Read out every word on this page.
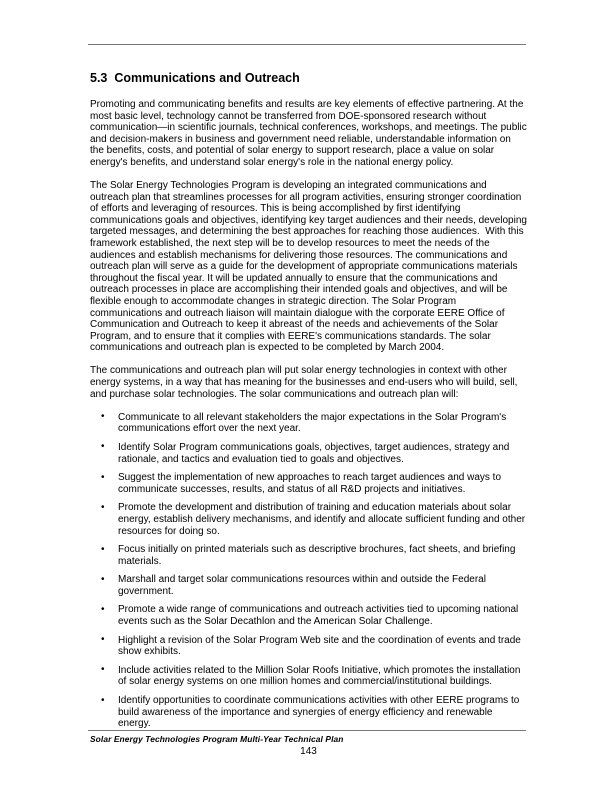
5.3  Communications and Outreach

Promoting and communicating benefits and results are key elements of effective partnering. At the most basic level, technology cannot be transferred from DOE-sponsored research without communication—in scientific journals, technical conferences, workshops, and meetings. The public and decision-makers in business and government need reliable, understandable information on the benefits, costs, and potential of solar energy to support research, place a value on solar energy's benefits, and understand solar energy's role in the national energy policy.

The Solar Energy Technologies Program is developing an integrated communications and outreach plan that streamlines processes for all program activities, ensuring stronger coordination of efforts and leveraging of resources. This is being accomplished by first identifying communications goals and objectives, identifying key target audiences and their needs, developing targeted messages, and determining the best approaches for reaching those audiences.  With this framework established, the next step will be to develop resources to meet the needs of the audiences and establish mechanisms for delivering those resources. The communications and outreach plan will serve as a guide for the development of appropriate communications materials throughout the fiscal year. It will be updated annually to ensure that the communications and outreach processes in place are accomplishing their intended goals and objectives, and will be flexible enough to accommodate changes in strategic direction. The Solar Program communications and outreach liaison will maintain dialogue with the corporate EERE Office of Communication and Outreach to keep it abreast of the needs and achievements of the Solar Program, and to ensure that it complies with EERE's communications standards. The solar communications and outreach plan is expected to be completed by March 2004.

The communications and outreach plan will put solar energy technologies in context with other energy systems, in a way that has meaning for the businesses and end-users who will build, sell, and purchase solar technologies. The solar communications and outreach plan will:

• Communicate to all relevant stakeholders the major expectations in the Solar Program's communications effort over the next year.
• Identify Solar Program communications goals, objectives, target audiences, strategy and rationale, and tactics and evaluation tied to goals and objectives.
• Suggest the implementation of new approaches to reach target audiences and ways to communicate successes, results, and status of all R&D projects and initiatives.
• Promote the development and distribution of training and education materials about solar energy, establish delivery mechanisms, and identify and allocate sufficient funding and other resources for doing so.
• Focus initially on printed materials such as descriptive brochures, fact sheets, and briefing materials.
• Marshall and target solar communications resources within and outside the Federal government.
• Promote a wide range of communications and outreach activities tied to upcoming national events such as the Solar Decathlon and the American Solar Challenge.
• Highlight a revision of the Solar Program Web site and the coordination of events and trade show exhibits.
• Include activities related to the Million Solar Roofs Initiative, which promotes the installation of solar energy systems on one million homes and commercial/institutional buildings.
• Identify opportunities to coordinate communications activities with other EERE programs to build awareness of the importance and synergies of energy efficiency and renewable energy.
Solar Energy Technologies Program Multi-Year Technical Plan
143
